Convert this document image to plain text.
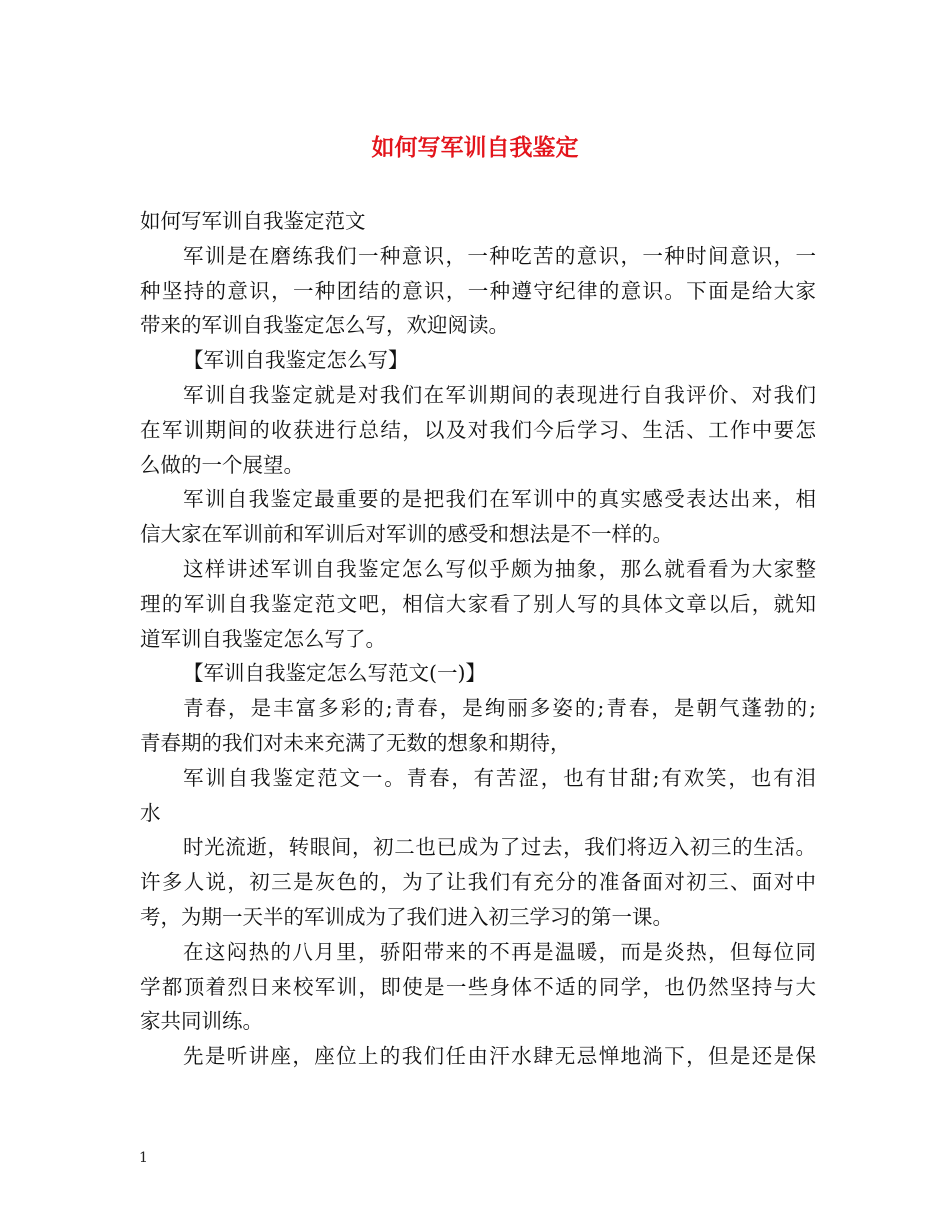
如何写军训自我鉴定
如何写军训自我鉴定范文
军训是在磨练我们一种意识，一种吃苦的意识，一种时间意识，一
种坚持的意识，一种团结的意识，一种遵守纪律的意识。下面是给大家
带来的军训自我鉴定怎么写，欢迎阅读。
【军训自我鉴定怎么写】
军训自我鉴定就是对我们在军训期间的表现进行自我评价、对我们
在军训期间的收获进行总结，以及对我们今后学习、生活、工作中要怎
么做的一个展望。
军训自我鉴定最重要的是把我们在军训中的真实感受表达出来，相
信大家在军训前和军训后对军训的感受和想法是不一样的。
这样讲述军训自我鉴定怎么写似乎颇为抽象，那么就看看为大家整
理的军训自我鉴定范文吧，相信大家看了别人写的具体文章以后，就知
道军训自我鉴定怎么写了。
【军训自我鉴定怎么写范文(一)】
青春，是丰富多彩的;青春，是绚丽多姿的;青春，是朝气蓬勃的;
青春期的我们对未来充满了无数的想象和期待，
军训自我鉴定范文一。青春，有苦涩，也有甘甜;有欢笑，也有泪
水
时光流逝，转眼间，初二也已成为了过去，我们将迈入初三的生活。
许多人说，初三是灰色的，为了让我们有充分的准备面对初三、面对中
考，为期一天半的军训成为了我们进入初三学习的第一课。
在这闷热的八月里，骄阳带来的不再是温暖，而是炎热，但每位同
学都顶着烈日来校军训，即使是一些身体不适的同学，也仍然坚持与大
家共同训练。
先是听讲座，座位上的我们任由汗水肆无忌惮地淌下，但是还是保
1
